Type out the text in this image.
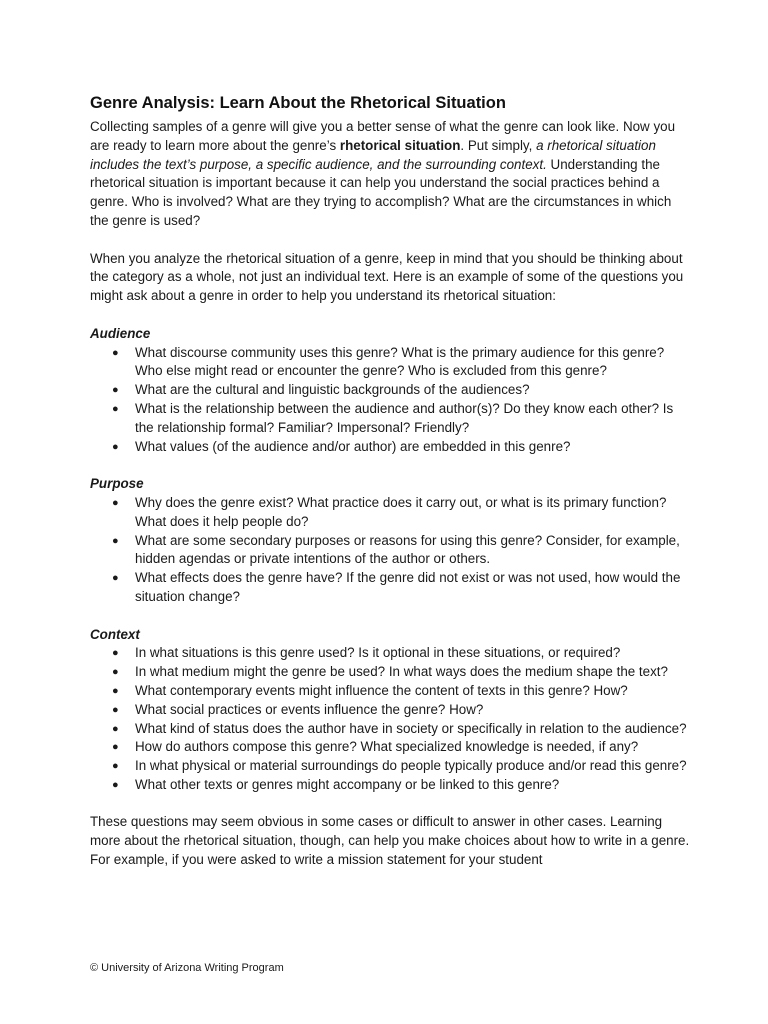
Genre Analysis: Learn About the Rhetorical Situation

Collecting samples of a genre will give you a better sense of what the genre can look like. Now you are ready to learn more about the genre’s rhetorical situation. Put simply, a rhetorical situation includes the text’s purpose, a specific audience, and the surrounding context. Understanding the rhetorical situation is important because it can help you understand the social practices behind a genre. Who is involved? What are they trying to accomplish? What are the circumstances in which the genre is used?

When you analyze the rhetorical situation of a genre, keep in mind that you should be thinking about the category as a whole, not just an individual text. Here is an example of some of the questions you might ask about a genre in order to help you understand its rhetorical situation:

Audience
● What discourse community uses this genre? What is the primary audience for this genre? Who else might read or encounter the genre? Who is excluded from this genre?
● What are the cultural and linguistic backgrounds of the audiences?
● What is the relationship between the audience and author(s)? Do they know each other? Is the relationship formal? Familiar? Impersonal? Friendly?
● What values (of the audience and/or author) are embedded in this genre?
Purpose
● Why does the genre exist? What practice does it carry out, or what is its primary function? What does it help people do?
● What are some secondary purposes or reasons for using this genre? Consider, for example, hidden agendas or private intentions of the author or others.
● What effects does the genre have? If the genre did not exist or was not used, how would the situation change?
Context
● In what situations is this genre used? Is it optional in these situations, or required?
● In what medium might the genre be used? In what ways does the medium shape the text?
● What contemporary events might influence the content of texts in this genre? How?
● What social practices or events influence the genre? How?
● What kind of status does the author have in society or specifically in relation to the audience?
● How do authors compose this genre? What specialized knowledge is needed, if any?
● In what physical or material surroundings do people typically produce and/or read this genre?
● What other texts or genres might accompany or be linked to this genre?

These questions may seem obvious in some cases or difficult to answer in other cases. Learning more about the rhetorical situation, though, can help you make choices about how to write in a genre. For example, if you were asked to write a mission statement for your student

© University of Arizona Writing Program
